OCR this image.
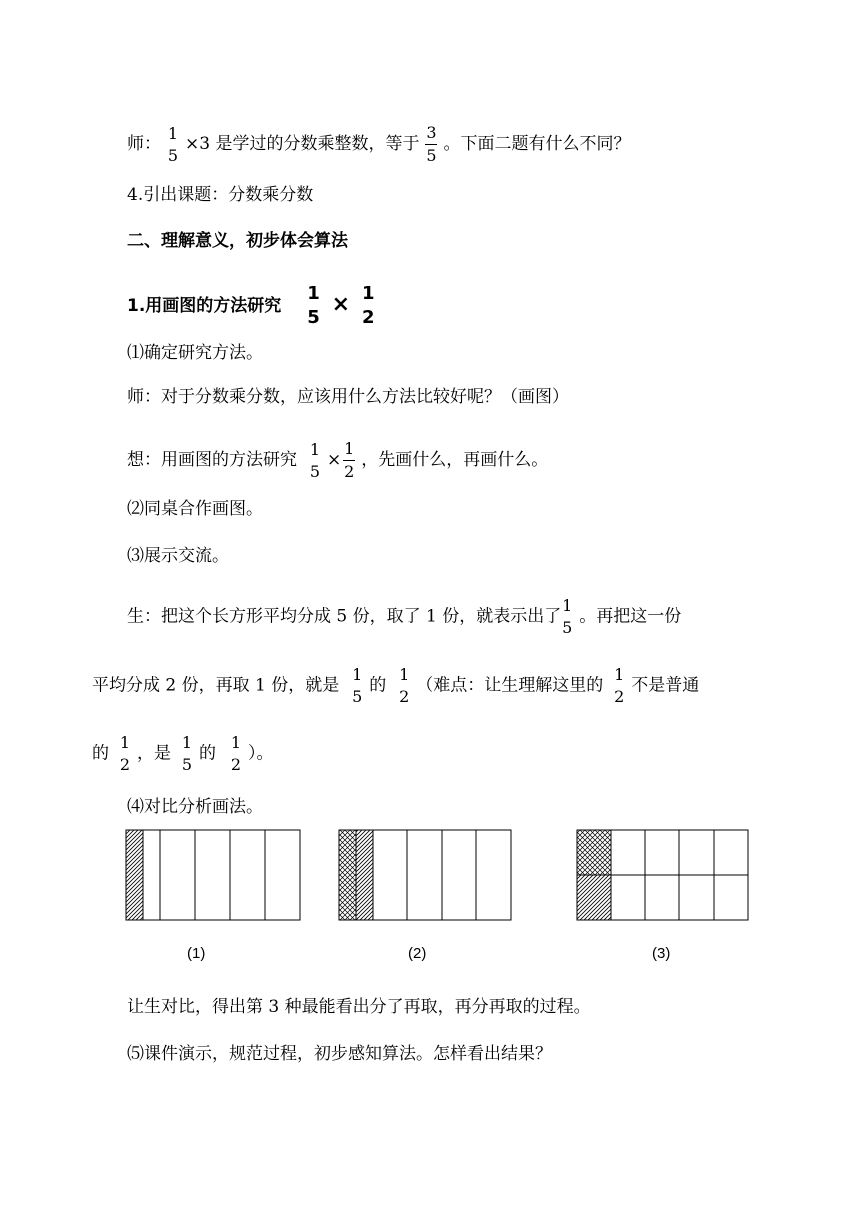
师：
1
5
×3 是学过的分数乘整数，等于 $\frac{3}{5}$ 。下面二题有什么不同？
4.引出课题：分数乘分数
二、理解意义，初步体会算法
1.用画图的方法研究
1
5
× 1
2
⑴确定研究方法。
师：对于分数乘分数，应该用什么方法比较好呢？（画图）
想：用画图的方法研究
1
5
× $\frac{1}{2}$ ，先画什么，再画什么。
⑵同桌合作画图。
⑶展示交流。
生：把这个长方形平均分成 5 份，取了 1 份，就表示出了
1
5
。再把这一份
平均分成 2 份，再取 1 份，就是
1
5
的
1
2
（难点：让生理解这里的
1
2
不是普通
的
1
2
，是
1
5
的
1
2
）。
⑷对比分析画法。
(1)	(2)	(3)
让生对比，得出第 3 种最能看出分了再取，再分再取的过程。
⑸课件演示，规范过程，初步感知算法。怎样看出结果？
